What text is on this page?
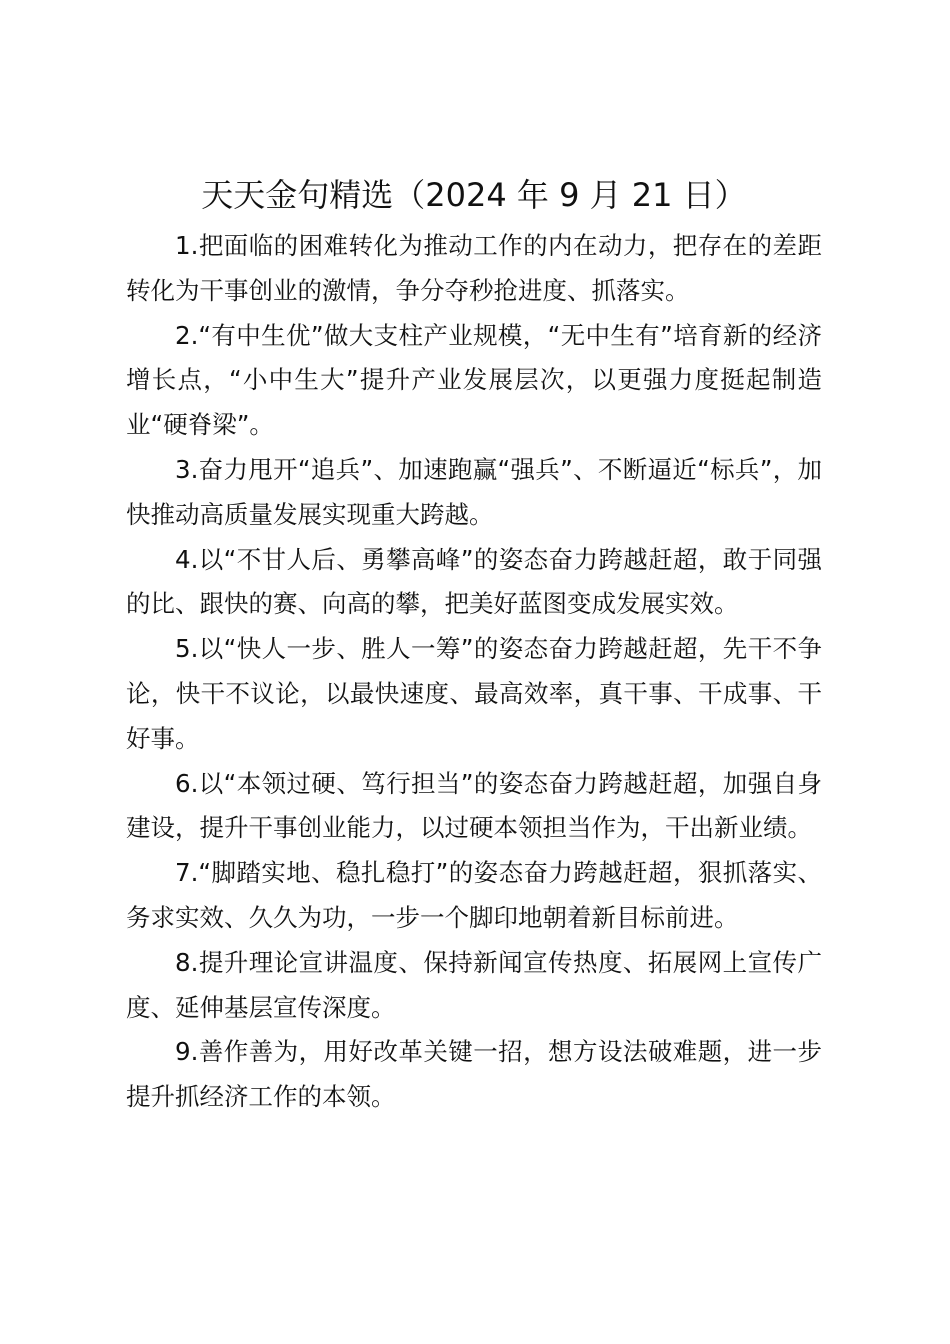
天天金句精选（2024 年 9 月 21 日）

1.把面临的困难转化为推动工作的内在动力，把存在的差距转化为干事创业的激情，争分夺秒抢进度、抓落实。

2.“有中生优”做大支柱产业规模，“无中生有”培育新的经济增长点，“小中生大”提升产业发展层次，以更强力度挺起制造业“硬脊梁”。

3.奋力甩开“追兵”、加速跑赢“强兵”、不断逼近“标兵”，加快推动高质量发展实现重大跨越。

4.以“不甘人后、勇攀高峰”的姿态奋力跨越赶超，敢于同强的比、跟快的赛、向高的攀，把美好蓝图变成发展实效。

5.以“快人一步、胜人一筹”的姿态奋力跨越赶超，先干不争论，快干不议论，以最快速度、最高效率，真干事、干成事、干好事。

6.以“本领过硬、笃行担当”的姿态奋力跨越赶超，加强自身建设，提升干事创业能力，以过硬本领担当作为，干出新业绩。

7.“脚踏实地、稳扎稳打”的姿态奋力跨越赶超，狠抓落实、务求实效、久久为功，一步一个脚印地朝着新目标前进。

8.提升理论宣讲温度、保持新闻宣传热度、拓展网上宣传广度、延伸基层宣传深度。

9.善作善为，用好改革关键一招，想方设法破难题，进一步提升抓经济工作的本领。
